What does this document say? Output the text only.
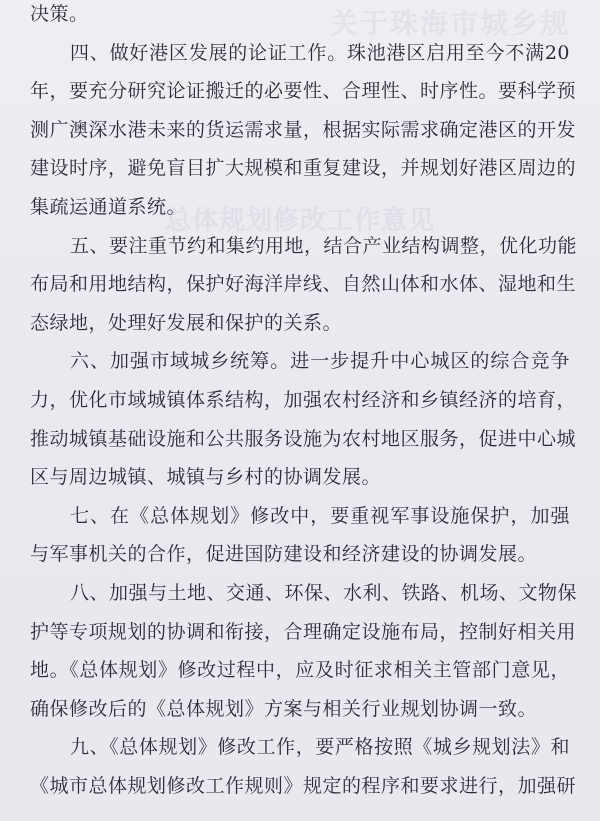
关于珠海市城乡规
总体规划修改工作意见
决策。
四、做好港区发展的论证工作。珠池港区启用至今不满20
年，要充分研究论证搬迁的必要性、合理性、时序性。要科学预
测广澳深水港未来的货运需求量，根据实际需求确定港区的开发
建设时序，避免盲目扩大规模和重复建设，并规划好港区周边的
集疏运通道系统。
五、要注重节约和集约用地，结合产业结构调整，优化功能
布局和用地结构，保护好海洋岸线、自然山体和水体、湿地和生
态绿地，处理好发展和保护的关系。
六、加强市域城乡统筹。进一步提升中心城区的综合竞争
力，优化市域城镇体系结构，加强农村经济和乡镇经济的培育，
推动城镇基础设施和公共服务设施为农村地区服务，促进中心城
区与周边城镇、城镇与乡村的协调发展。
七、在《总体规划》修改中，要重视军事设施保护，加强
与军事机关的合作，促进国防建设和经济建设的协调发展。
八、加强与土地、交通、环保、水利、铁路、机场、文物保
护等专项规划的协调和衔接，合理确定设施布局，控制好相关用
地。《总体规划》修改过程中，应及时征求相关主管部门意见，
确保修改后的《总体规划》方案与相关行业规划协调一致。
九、《总体规划》修改工作，要严格按照《城乡规划法》和
《城市总体规划修改工作规则》规定的程序和要求进行，加强研
